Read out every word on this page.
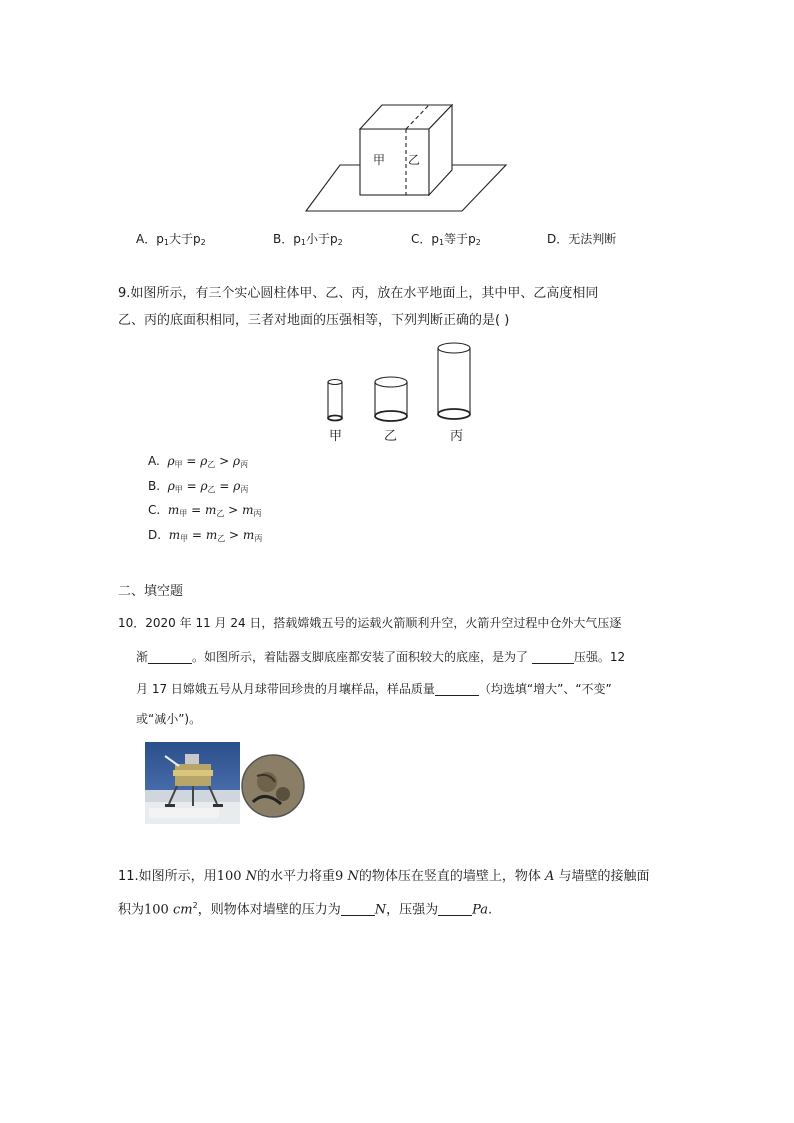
甲 乙
A．$p_1$大于$p_2$	B．$p_1$小于$p_2$	C．$p_1$等于$p_2$	D．无法判断
9.如图所示，有三个实心圆柱体甲、乙、丙，放在水平地面上，其中甲、乙高度相同
乙、丙的底面积相同，三者对地面的压强相等，下列判断正确的是( )
甲	乙	丙
A. ρ甲 = ρ乙 > ρ丙
B. ρ甲 = ρ乙 = ρ丙
C. m甲 = m乙 > m丙
D. m甲 = m乙 > m丙
二、填空题
10．2020 年 11 月 24 日，搭载嫦娥五号的运载火箭顺利升空，火箭升空过程中仓外大气压逐
渐	。如图所示，着陆器支脚底座都安装了面积较大的底座，是为了	压强。12
月 17 日嫦娥五号从月球带回珍贵的月壤样品，样品质量	（均选填“增大”、“不变”
或“减小”)。
11.如图所示，用100 N的水平力将重9 N的物体压在竖直的墙壁上，物体 A 与墙壁的接触面
积为100 $cm^2$，则物体对墙壁的压力为	N，压强为	Pa.
